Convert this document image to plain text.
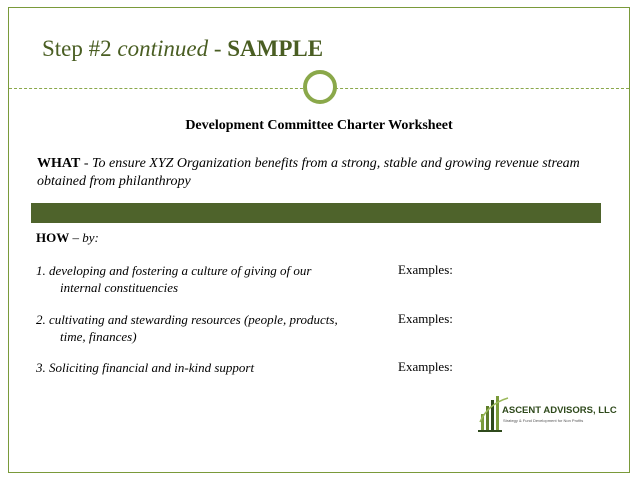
Step #2 continued - SAMPLE
Development Committee Charter Worksheet
WHAT - To ensure XYZ Organization benefits from a strong, stable and growing revenue stream obtained from philanthropy
HOW – by:
1. developing and fostering a culture of giving of our
internal constituencies
Examples:
2. cultivating and stewarding resources (people, products,
time, finances)
Examples:
3. Soliciting financial and in-kind support	Examples:
ASCENT ADVISORS, LLC
Strategy & Fund Development for Non Profits
